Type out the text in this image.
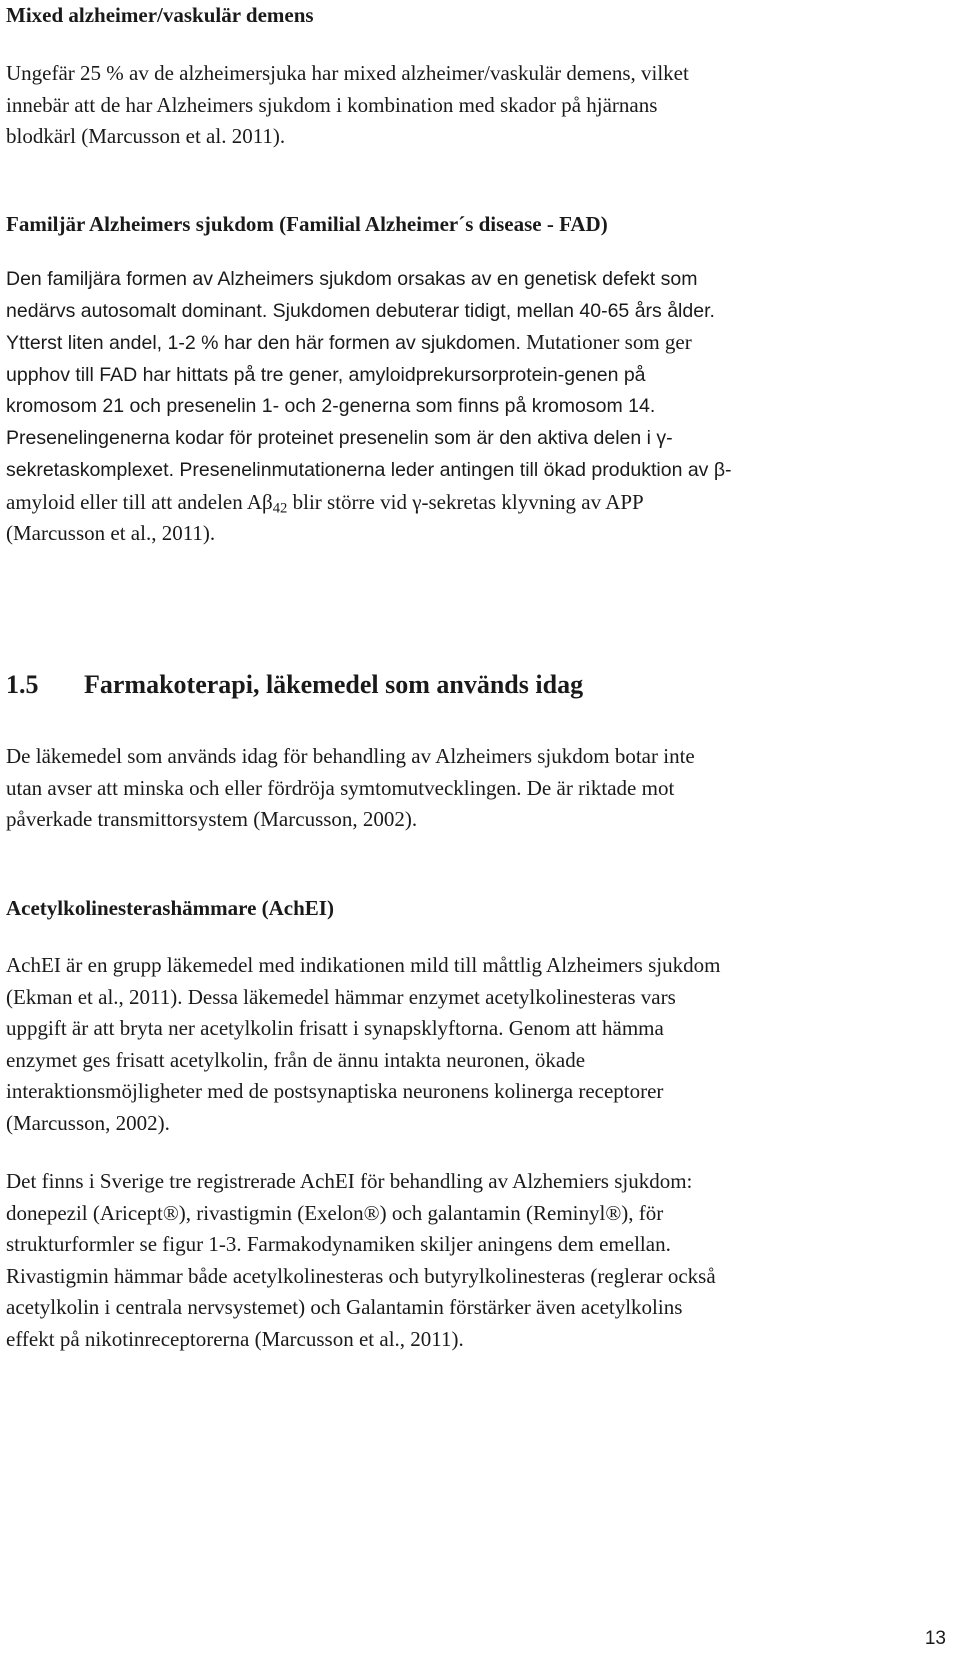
Mixed alzheimer/vaskulär demens
Ungefär 25 % av de alzheimersjuka har mixed alzheimer/vaskulär demens, vilket
innebär att de har Alzheimers sjukdom i kombination med skador på hjärnans
blodkärl (Marcusson et al. 2011).
Familjär Alzheimers sjukdom (Familial Alzheimer´s disease - FAD)
Den familjära formen av Alzheimers sjukdom orsakas av en genetisk defekt som
nedärvs autosomalt dominant. Sjukdomen debuterar tidigt, mellan 40-65 års ålder.
Ytterst liten andel, 1-2 % har den här formen av sjukdomen. Mutationer som ger
upphov till FAD har hittats på tre gener, amyloidprekursorprotein-genen på
kromosom 21 och presenelin 1- och 2-generna som finns på kromosom 14.
Presenelingenerna kodar för proteinet presenelin som är den aktiva delen i γ-
sekretaskomplexet. Presenelinmutationerna leder antingen till ökad produktion av β-
amyloid eller till att andelen $A\beta_{42}$ blir större vid γ-sekretas klyvning av APP
(Marcusson et al., 2011).
1.5 Farmakoterapi, läkemedel som används idag
De läkemedel som används idag för behandling av Alzheimers sjukdom botar inte
utan avser att minska och eller fördröja symtomutvecklingen. De är riktade mot
påverkade transmittorsystem (Marcusson, 2002).
Acetylkolinesterashämmare (AchEI)
AchEI är en grupp läkemedel med indikationen mild till måttlig Alzheimers sjukdom
(Ekman et al., 2011). Dessa läkemedel hämmar enzymet acetylkolinesteras vars
uppgift är att bryta ner acetylkolin frisatt i synapsklyftorna. Genom att hämma
enzymet ges frisatt acetylkolin, från de ännu intakta neuronen, ökade
interaktionsmöjligheter med de postsynaptiska neuronens kolinerga receptorer
(Marcusson, 2002).
Det finns i Sverige tre registrerade AchEI för behandling av Alzhemiers sjukdom:
donepezil (Aricept®), rivastigmin (Exelon®) och galantamin (Reminyl®), för
strukturformler se figur 1-3. Farmakodynamiken skiljer aningens dem emellan.
Rivastigmin hämmar både acetylkolinesteras och butyrylkolinesteras (reglerar också
acetylkolin i centrala nervsystemet) och Galantamin förstärker även acetylkolins
effekt på nikotinreceptorerna (Marcusson et al., 2011).
13
